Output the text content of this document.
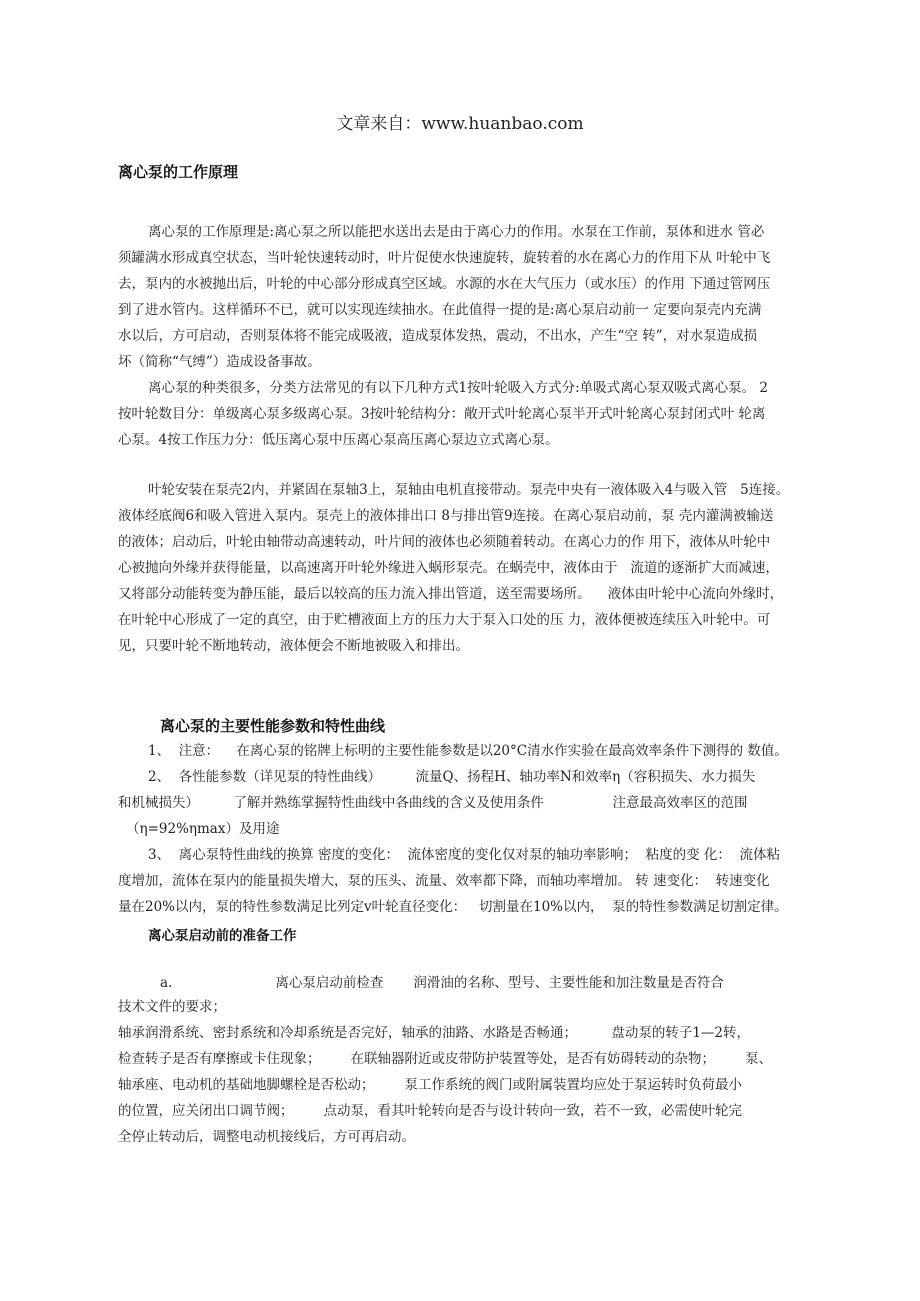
文章来自：www.huanbao.com
离心泵的工作原理
离心泵的工作原理是:离心泵之所以能把水送出去是由于离心力的作用。水泵在工作前，泵体和进水 管必
须罐满水形成真空状态，当叶轮快速转动时，叶片促使水快速旋转，旋转着的水在离心力的作用下从 叶轮中飞
去，泵内的水被抛出后，叶轮的中心部分形成真空区域。水源的水在大气压力（或水压）的作用 下通过管网压
到了进水管内。这样循环不已，就可以实现连续抽水。在此值得一提的是:离心泵启动前一 定要向泵壳内充满
水以后，方可启动，否则泵体将不能完成吸液，造成泵体发热，震动，不出水，产生“空 转”，对水泵造成损
坏（简称“气缚”）造成设备事故。
离心泵的种类很多，分类方法常见的有以下几种方式1按叶轮吸入方式分:单吸式离心泵双吸式离心泵。 2
按叶轮数目分：单级离心泵多级离心泵。3按叶轮结构分：敞开式叶轮离心泵半开式叶轮离心泵封闭式叶 轮离
心泵。4按工作压力分：低压离心泵中压离心泵高压离心泵边立式离心泵。
叶轮安装在泵壳2内，并紧固在泵轴3上，泵轴由电机直接带动。泵壳中央有一液体吸入4与吸入管   5连接。
液体经底阀6和吸入管进入泵内。泵壳上的液体排出口 8与排出管9连接。在离心泵启动前，泵 壳内灌满被输送
的液体；启动后，叶轮由轴带动高速转动，叶片间的液体也必须随着转动。在离心力的作 用下，液体从叶轮中
心被抛向外缘并获得能量，以高速离开叶轮外缘进入蜗形泵壳。在蜗壳中，液体由于   流道的逐渐扩大而减速，
又将部分动能转变为静压能，最后以较高的压力流入排出管道，送至需要场所。    液体由叶轮中心流向外缘时，
在叶轮中心形成了一定的真空，由于贮槽液面上方的压力大于泵入口处的压 力，液体便被连续压入叶轮中。可
见，只要叶轮不断地转动，液体便会不断地被吸入和排出。
离心泵的主要性能参数和特性曲线
1、  注意：    在离心泵的铭牌上标明的主要性能参数是以20°C清水作实验在最高效率条件下测得的 数值。
2、  各性能参数（详见泵的特性曲线）        流量Q、扬程H、轴功率N和效率η（容积损失、水力损失
和机械损失）        了解并熟练掌握特性曲线中各曲线的含义及使用条件                注意最高效率区的范围
（η=92%ηmax）及用途
3、  离心泵特性曲线的换算 密度的变化：  流体密度的变化仅对泵的轴功率影响；  粘度的变 化：  流体粘
度增加，流体在泵内的能量损失增大，泵的压头、流量、效率都下降，而轴功率增加。 转 速变化：  转速变化
量在20%以内，泵的特性参数满足比列定v叶轮直径变化：   切割量在10%以内，  泵的特性参数满足切割定律。
离心泵启动前的准备工作
a.                        离心泵启动前检查       润滑油的名称、型号、主要性能和加注数量是否符合
技术文件的要求；
轴承润滑系统、密封系统和冷却系统是否完好，轴承的油路、水路是否畅通；        盘动泵的转子1—2转，
检查转子是否有摩擦或卡住现象；       在联轴器附近或皮带防护装置等处，是否有妨碍转动的杂物；       泵、
轴承座、电动机的基础地脚螺栓是否松动；       泵工作系统的阀门或附属装置均应处于泵运转时负荷最小
的位置，应关闭出口调节阀；       点动泵，看其叶轮转向是否与设计转向一致，若不一致，必需使叶轮完
全停止转动后，调整电动机接线后，方可再启动。
